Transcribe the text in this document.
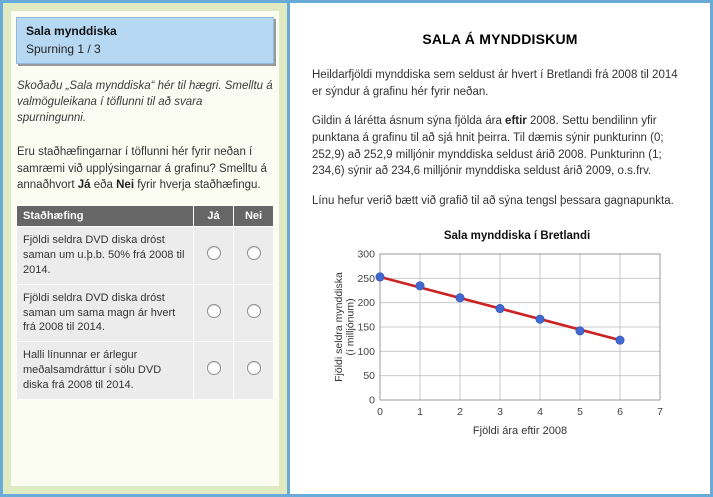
Sala mynddiska
Spurning 1 / 3

Skoðaðu „Sala mynddiska“ hér til hægri. Smelltu á valmöguleikana í töflunni til að svara spurningunni.

Eru staðhæfingarnar í töflunni hér fyrir neðan í samræmi við upplýsingarnar á grafinu? Smelltu á annaðhvort Já eða Nei fyrir hverja staðhæfingu.

Staðhæfing	Já	Nei
Fjöldi seldra DVD diska dróst saman um u.þ.b. 50% frá 2008 til 2014.		
Fjöldi seldra DVD diska dróst saman um sama magn ár hvert frá 2008 til 2014.		
Halli línunnar er árlegur meðalsamdráttur í sölu DVD diska frá 2008 til 2014.		
SALA Á MYNDDISKUM

Heildarfjöldi mynddiska sem seldust ár hvert í Bretlandi frá 2008 til 2014 er sýndur á grafinu hér fyrir neðan.

Gildin á lárétta ásnum sýna fjölda ára eftir 2008. Settu bendilinn yfir punktana á grafinu til að sjá hnit þeirra. Til dæmis sýnir punkturinn (0; 252,9) að 252,9 milljónir mynddiska seldust árið 2008. Punkturinn (1; 234,6) sýnir að 234,6 milljónir mynddiska seldust árið 2009, o.s.frv.

Línu hefur verið bætt við grafið til að sýna tengsl þessara gagnapunkta.

Sala mynddiska í Bretlandi
0	1	2	3	4	5	6	7
0
50
100
150
200
250
300
Fjöldi ára eftir 2008
Fjöldi seldra mynddiska(í milljónum)
